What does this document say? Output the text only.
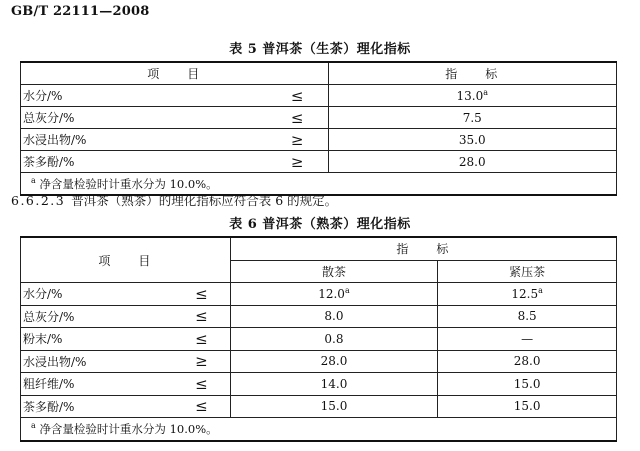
GB/T 22111—2008
表 5 普洱茶（生茶）理化指标
项 目		指 标
水分/%	≤	13.0$^a$
总灰分/%	≤	7.5
水浸出物/%	≥	35.0
茶多酚/%	≥	28.0
$^a$ 净含量检验时计重水分为 10.0%。		
6.6.2.3 普洱茶（熟茶）的理化指标应符合表 6 的规定。
表 6 普洱茶（熟茶）理化指标
项 目		指 标	
		散茶	紧压茶
水分/%	≤	12.0$^a$	12.5$^a$
总灰分/%	≤	8.0	8.5
粉末/%	≤	0.8	—
水浸出物/%	≥	28.0	28.0
粗纤维/%	≤	14.0	15.0
茶多酚/%	≤	15.0	15.0
$^a$ 净含量检验时计重水分为 10.0%。			
